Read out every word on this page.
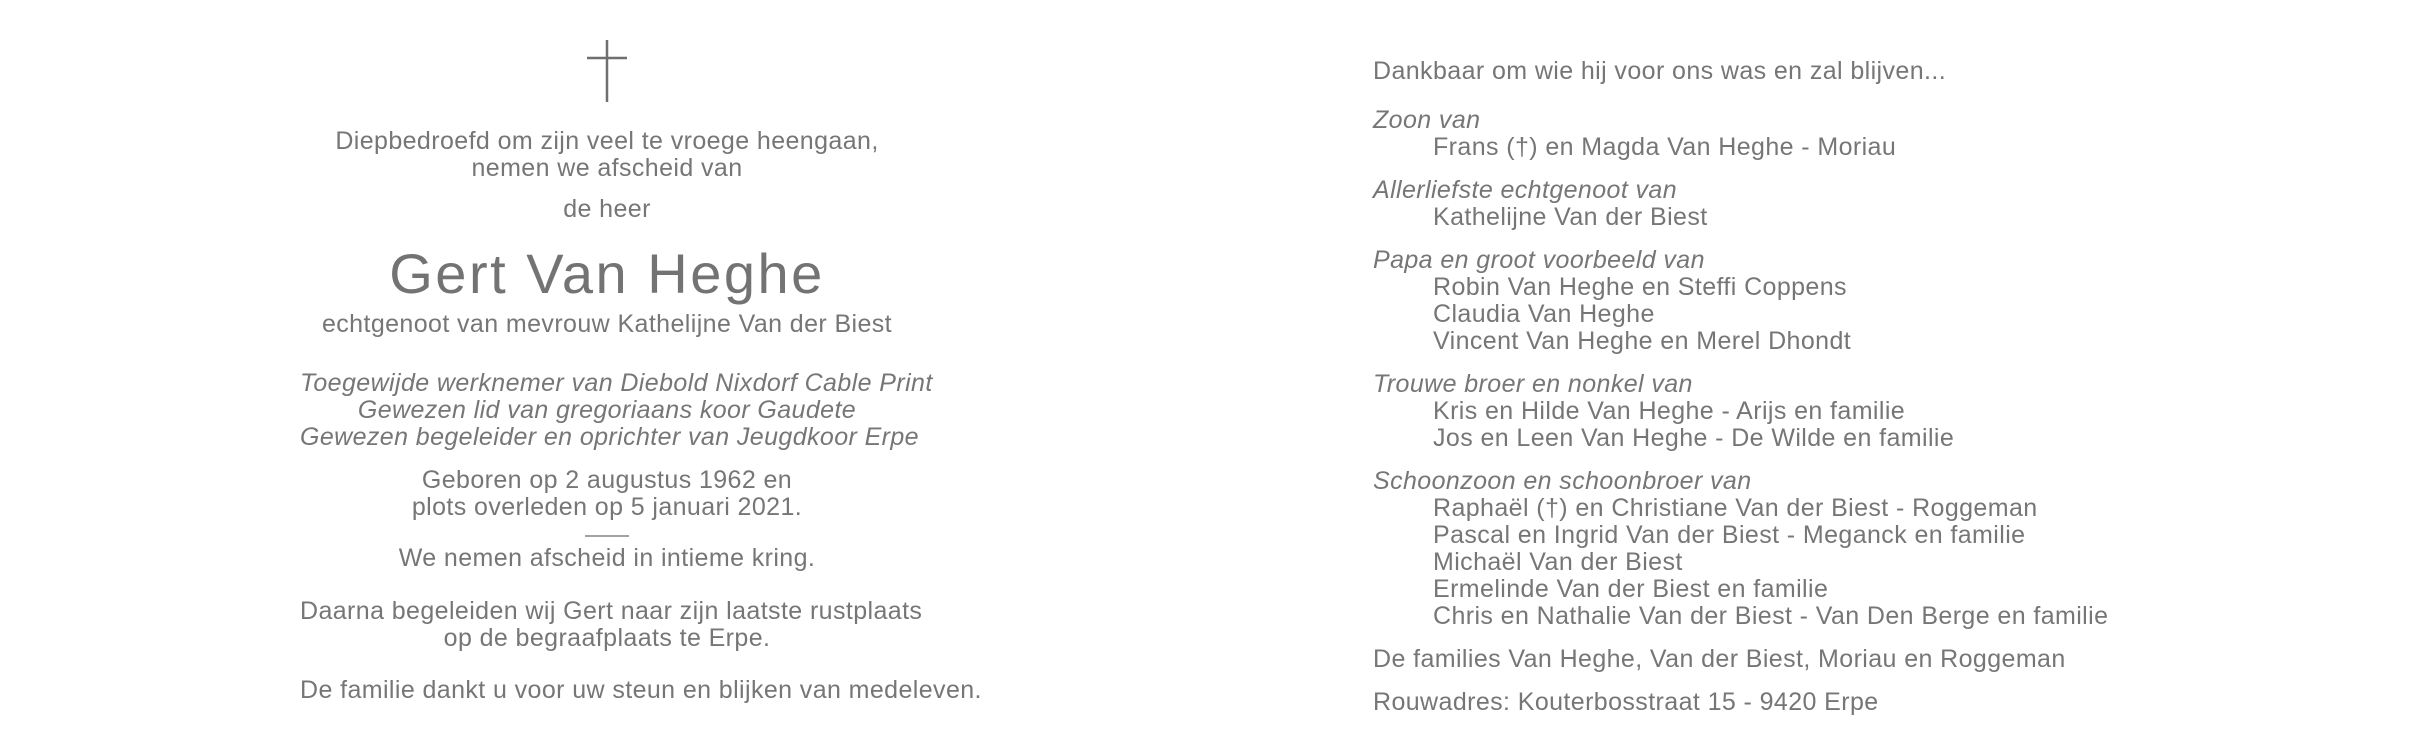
Diepbedroefd om zijn veel te vroege heengaan,
nemen we afscheid van
de heer
Gert Van Heghe
echtgenoot van mevrouw Kathelijne Van der Biest
Toegewijde werknemer van Diebold Nixdorf Cable Print
Gewezen lid van gregoriaans koor Gaudete
Gewezen begeleider en oprichter van Jeugdkoor Erpe
Geboren op 2 augustus 1962 en
plots overleden op 5 januari 2021.
We nemen afscheid in intieme kring.
Daarna begeleiden wij Gert naar zijn laatste rustplaats
op de begraafplaats te Erpe.
De familie dankt u voor uw steun en blijken van medeleven.
Dankbaar om wie hij voor ons was en zal blijven...
Zoon van
Frans (†) en Magda Van Heghe - Moriau
Allerliefste echtgenoot van
Kathelijne Van der Biest
Papa en groot voorbeeld van
Robin Van Heghe en Steffi Coppens
Claudia Van Heghe
Vincent Van Heghe en Merel Dhondt
Trouwe broer en nonkel van
Kris en Hilde Van Heghe - Arijs en familie
Jos en Leen Van Heghe - De Wilde en familie
Schoonzoon en schoonbroer van
Raphaël (†) en Christiane Van der Biest - Roggeman
Pascal en Ingrid Van der Biest - Meganck en familie
Michaël Van der Biest
Ermelinde Van der Biest en familie
Chris en Nathalie Van der Biest - Van Den Berge en familie
De families Van Heghe, Van der Biest, Moriau en Roggeman
Rouwadres: Kouterbosstraat 15 - 9420 Erpe
